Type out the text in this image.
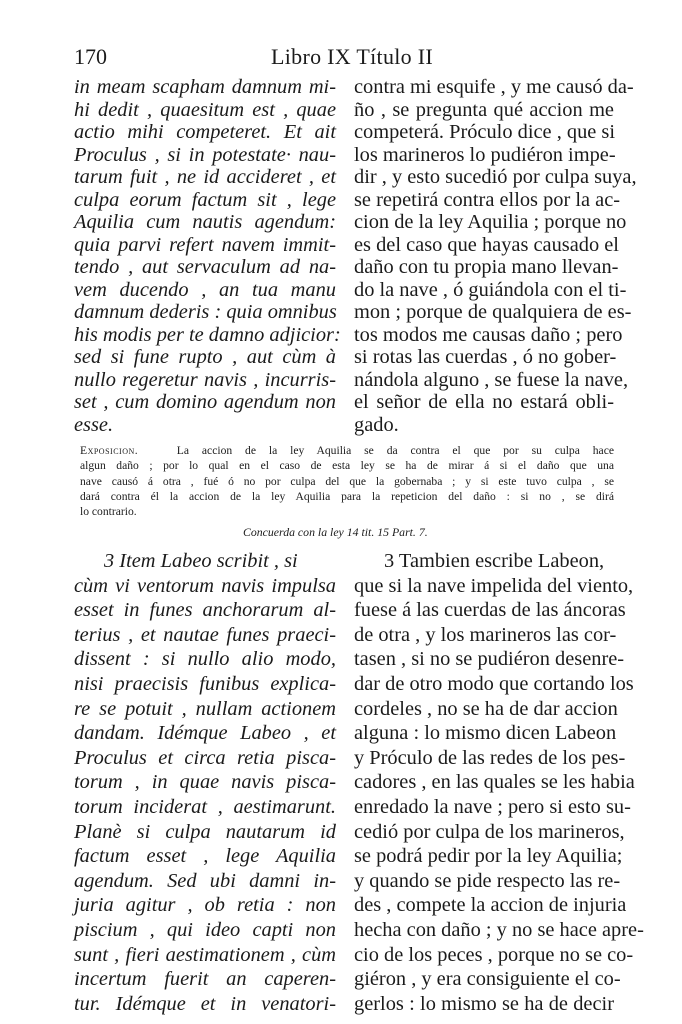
170	Libro IX Título II
in meam scapham damnum mi-
hi dedit , quaesitum est , quae
actio mihi competeret. Et ait
Proculus , si in potestate· nau-
tarum fuit , ne id accideret , et
culpa eorum factum sit , lege
Aquilia cum nautis agendum:
quia parvi refert navem immit-
tendo , aut servaculum ad na-
vem ducendo , an tua manu
damnum dederis : quia omnibus
his modis per te damno adjicior:
sed si fune rupto , aut cùm à
nullo regeretur navis , incurris-
set , cum domino agendum non
esse.
contra mi esquife , y me causó da-
ño , se pregunta qué accion me
competerá. Próculo dice , que si
los marineros lo pudiéron impe-
dir , y esto sucedió por culpa suya,
se repetirá contra ellos por la ac-
cion de la ley Aquilia ; porque no
es del caso que hayas causado el
daño con tu propia mano llevan-
do la nave , ó guiándola con el ti-
mon ; porque de qualquiera de es-
tos modos me causas daño ; pero
si rotas las cuerdas , ó no gober-
nándola alguno , se fuese la nave,
el señor de ella no estará obli-
gado.
Exposicion.	La accion de la ley Aquilia se da contra el que por su culpa hace
algun daño ; por lo qual en el caso de esta ley se ha de mirar á si el daño que una
nave causó á otra , fué ó no por culpa del que la gobernaba ; y si este tuvo culpa , se
dará contra él la accion de la ley Aquilia para la repeticion del daño : si no , se dirá
lo contrario.
Concuerda con la ley 14 tit. 15 Part. 7.
3 Item Labeo scribit , si
cùm vi ventorum navis impulsa
esset in funes anchorarum al-
terius , et nautae funes praeci-
dissent : si nullo alio modo,
nisi praecisis funibus explica-
re se potuit , nullam actionem
dandam. Idémque Labeo , et
Proculus et circa retia pisca-
torum , in quae navis pisca-
torum inciderat , aestimarunt.
Planè si culpa nautarum id
factum esset , lege Aquilia
agendum. Sed ubi damni in-
juria agitur , ob retia : non
piscium , qui ideo capti non
sunt , fieri aestimationem , cùm
incertum fuerit an caperen-
tur. Idémque et in venatori-
3 Tambien escribe Labeon,
que si la nave impelida del viento,
fuese á las cuerdas de las áncoras
de otra , y los marineros las cor-
tasen , si no se pudiéron desenre-
dar de otro modo que cortando los
cordeles , no se ha de dar accion
alguna : lo mismo dicen Labeon
y Próculo de las redes de los pes-
cadores , en las quales se les habia
enredado la nave ; pero si esto su-
cedió por culpa de los marineros,
se podrá pedir por la ley Aquilia;
y quando se pide respecto las re-
des , compete la accion de injuria
hecha con daño ; y no se hace apre-
cio de los peces , porque no se co-
giéron , y era consiguiente el co-
gerlos : lo mismo se ha de decir
